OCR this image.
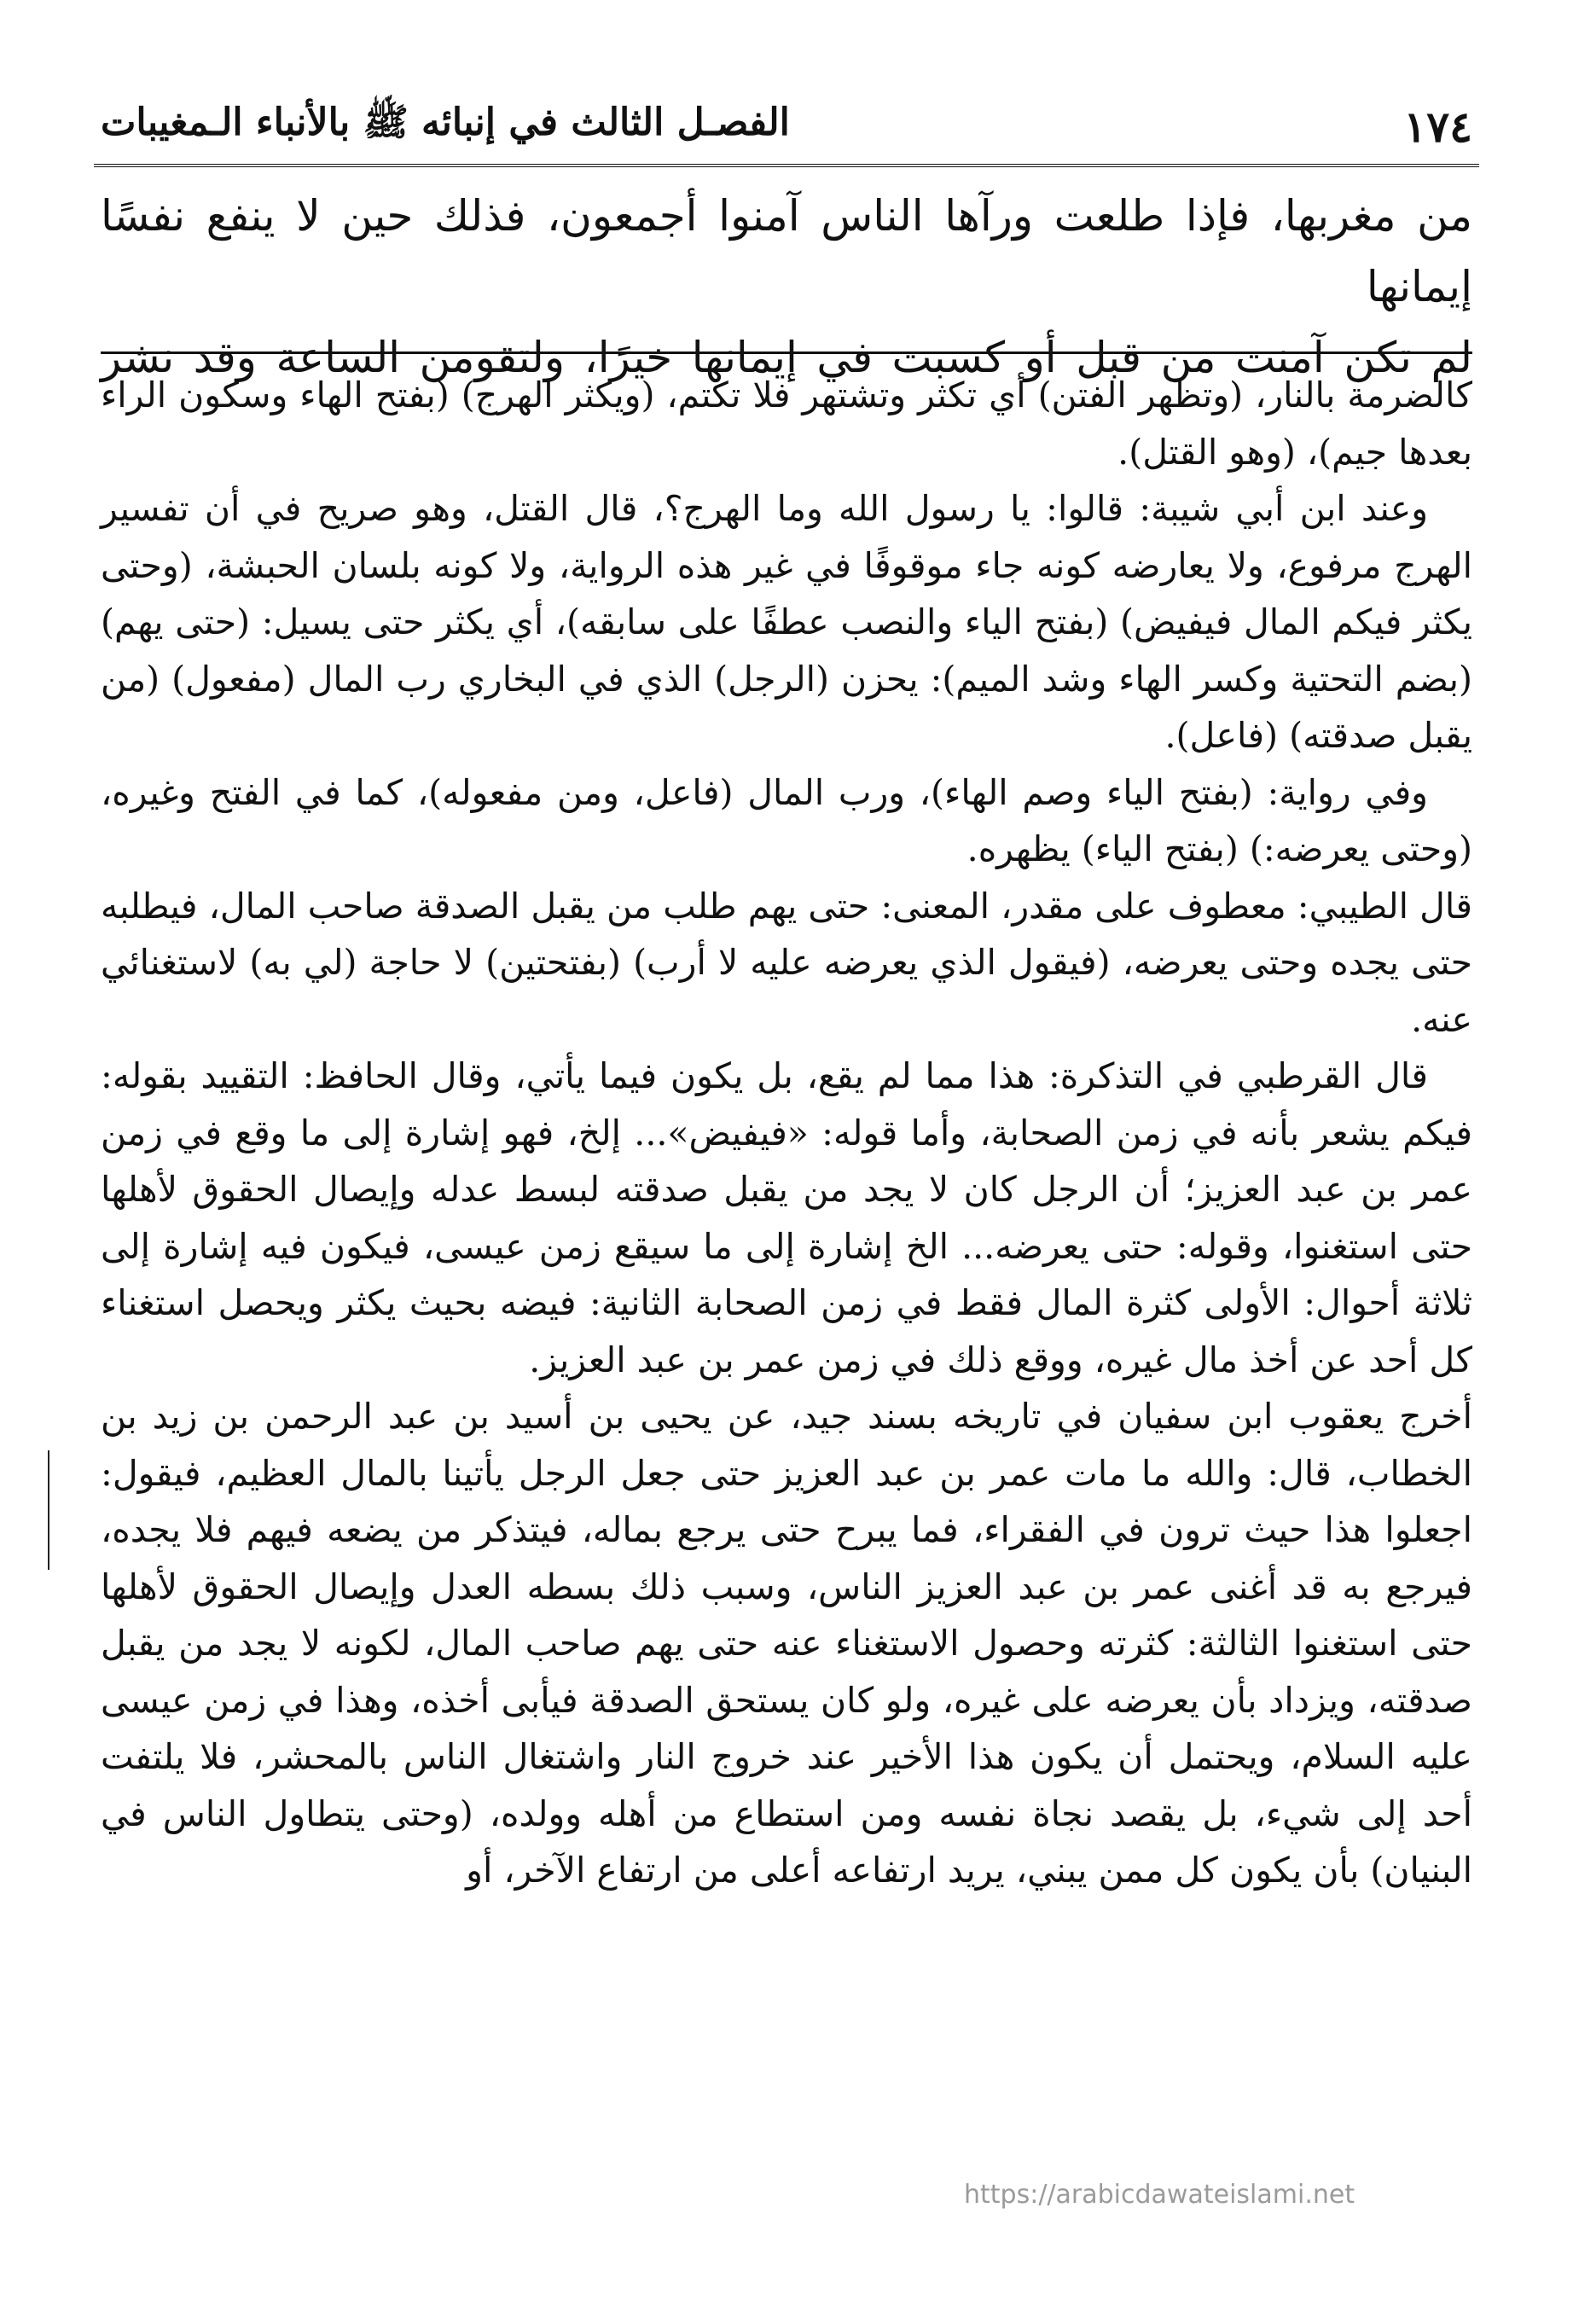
١٧٤
الفصـل الثالث في إنبائه ﷺ بالأنباء الـمغيبات

من مغربها، فإذا طلعت ورآها الناس آمنوا أجمعون، فذلك حين لا ينفع نفسًا إيمانها

لم تكن آمنت من قبل أو كسبت في إيمانها خيرًا، ولتقومن الساعة وقد نشر

كالضرمة بالنار، (وتظهر الفتن) أي تكثر وتشتهر فلا تكتم، (ويكثر الهرج) (بفتح الهاء وسكون الراء بعدها جيم)، (وهو القتل).

وعند ابن أبي شيبة: قالوا: يا رسول الله وما الهرج؟، قال القتل، وهو صريح في أن تفسير الهرج مرفوع، ولا يعارضه كونه جاء موقوفًا في غير هذه الرواية، ولا كونه بلسان الحبشة، (وحتى يكثر فيكم المال فيفيض) (بفتح الياء والنصب عطفًا على سابقه)، أي يكثر حتى يسيل: (حتى يهم) (بضم التحتية وكسر الهاء وشد الميم): يحزن (الرجل) الذي في البخاري رب المال (مفعول) (من يقبل صدقته) (فاعل).

وفي رواية: (بفتح الياء وصم الهاء)، ورب المال (فاعل، ومن مفعوله)، كما في الفتح وغيره، (وحتى يعرضه:) (بفتح الياء) يظهره.

قال الطيبي: معطوف على مقدر، المعنى: حتى يهم طلب من يقبل الصدقة صاحب المال، فيطلبه حتى يجده وحتى يعرضه، (فيقول الذي يعرضه عليه لا أرب) (بفتحتين) لا حاجة (لي به) لاستغنائي عنه.

قال القرطبي في التذكرة: هذا مما لم يقع، بل يكون فيما يأتي، وقال الحافظ: التقييد بقوله: فيكم يشعر بأنه في زمن الصحابة، وأما قوله: «فيفيض»... إلخ، فهو إشارة إلى ما وقع في زمن عمر بن عبد العزيز؛ أن الرجل كان لا يجد من يقبل صدقته لبسط عدله وإيصال الحقوق لأهلها حتى استغنوا، وقوله: حتى يعرضه... الخ إشارة إلى ما سيقع زمن عيسى، فيكون فيه إشارة إلى ثلاثة أحوال: الأولى كثرة المال فقط في زمن الصحابة الثانية: فيضه بحيث يكثر ويحصل استغناء كل أحد عن أخذ مال غيره، ووقع ذلك في زمن عمر بن عبد العزيز.

أخرج يعقوب ابن سفيان في تاريخه بسند جيد، عن يحيى بن أسيد بن عبد الرحمن بن زيد بن الخطاب، قال: والله ما مات عمر بن عبد العزيز حتى جعل الرجل يأتينا بالمال العظيم، فيقول: اجعلوا هذا حيث ترون في الفقراء، فما يبرح حتى يرجع بماله، فيتذكر من يضعه فيهم فلا يجده، فيرجع به قد أغنى عمر بن عبد العزيز الناس، وسبب ذلك بسطه العدل وإيصال الحقوق لأهلها حتى استغنوا الثالثة: كثرته وحصول الاستغناء عنه حتى يهم صاحب المال، لكونه لا يجد من يقبل صدقته، ويزداد بأن يعرضه على غيره، ولو كان يستحق الصدقة فيأبى أخذه، وهذا في زمن عيسى عليه السلام، ويحتمل أن يكون هذا الأخير عند خروج النار واشتغال الناس بالمحشر، فلا يلتفت أحد إلى شيء، بل يقصد نجاة نفسه ومن استطاع من أهله وولده، (وحتى يتطاول الناس في البنيان) بأن يكون كل ممن يبني، يريد ارتفاعه أعلى من ارتفاع الآخر، أو

https://arabicdawateislami.net
